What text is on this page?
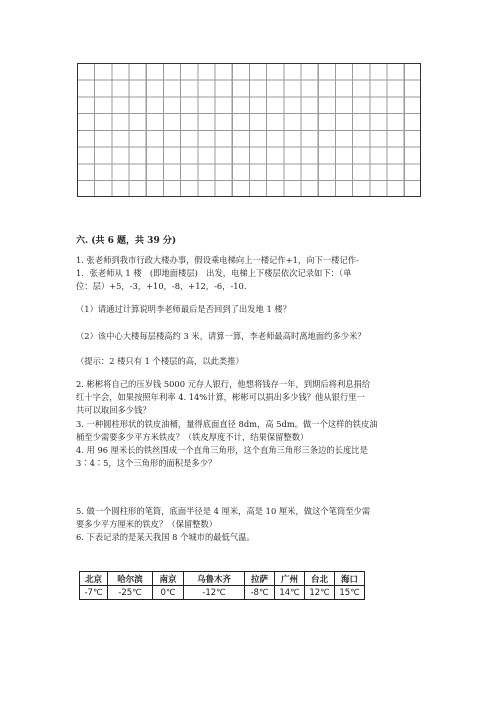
六. (共 6 题，共 39 分)
1. 张老师到我市行政大楼办事，假设乘电梯向上一楼记作+1，向下一楼记作-
1．张老师从 1 楼　(即地面楼层)　出发，电梯上下楼层依次记录如下：（单
位：层）+5，-3，+10，-8，+12，-6，-10.
（1）请通过计算说明李老师最后是否回到了出发地 1 楼？
（2）该中心大楼每层楼高约 3 米，请算一算，李老师最高时离地面约多少米？
（提示：2 楼只有 1 个楼层的高，以此类推）
2. 彬彬将自己的压岁钱 5000 元存人银行，他想将钱存一年，到期后将利息捐给
红十字会，如果按照年利率 4. 14%计算，彬彬可以捐出多少钱？他从银行里一
共可以取回多少钱？
3. 一种圆柱形状的铁皮油桶，量得底面直径 8dm，高 5dm。做一个这样的铁皮油
桶至少需要多少平方米铁皮？（铁皮厚度不计，结果保留整数）
4. 用 96 厘米长的铁丝围成一个直角三角形，这个直角三角形三条边的长度比是
3∶4∶5，这个三角形的面积是多少？
5. 做一个圆柱形的笔筒，底面半径是 4 厘米，高是 10 厘米，做这个笔筒至少需
要多少平方厘米的铁皮？（保留整数）
6. 下表记录的是某天我国 8 个城市的最低气温。
北京	哈尔滨	南京	乌鲁木齐	拉萨	广州	台北	海口
-7℃	-25℃	0℃	-12℃	-8℃	14℃	12℃	15℃
